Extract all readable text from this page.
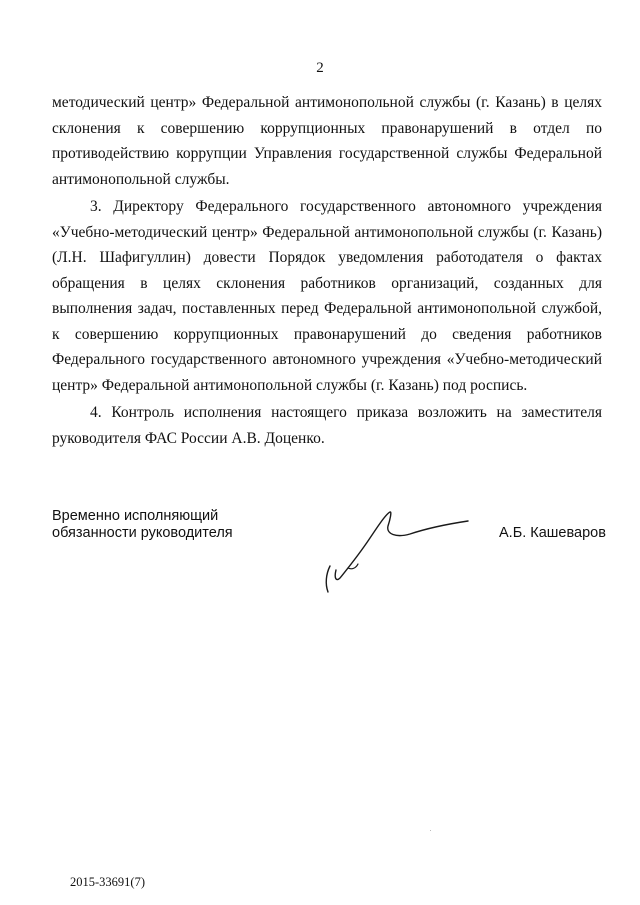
2

методический центр» Федеральной антимонопольной службы (г. Казань) в целях склонения к совершению коррупционных правонарушений в отдел по противодействию коррупции Управления государственной службы Федеральной антимонопольной службы.

3. Директору Федерального государственного автономного учреждения «Учебно-методический центр» Федеральной антимонопольной службы (г. Казань) (Л.Н. Шафигуллин) довести Порядок уведомления работодателя о фактах обращения в целях склонения работников организаций, созданных для выполнения задач, поставленных перед Федеральной антимонопольной службой, к совершению коррупционных правонарушений до сведения работников Федерального государственного автономного учреждения «Учебно-методический центр» Федеральной антимонопольной службы (г. Казань) под роспись.

4. Контроль исполнения настоящего приказа возложить на заместителя руководителя ФАС России А.В. Доценко.

Временно исполняющий
обязанности руководителя	А.Б. Кашеваров
2015-33691(7)
